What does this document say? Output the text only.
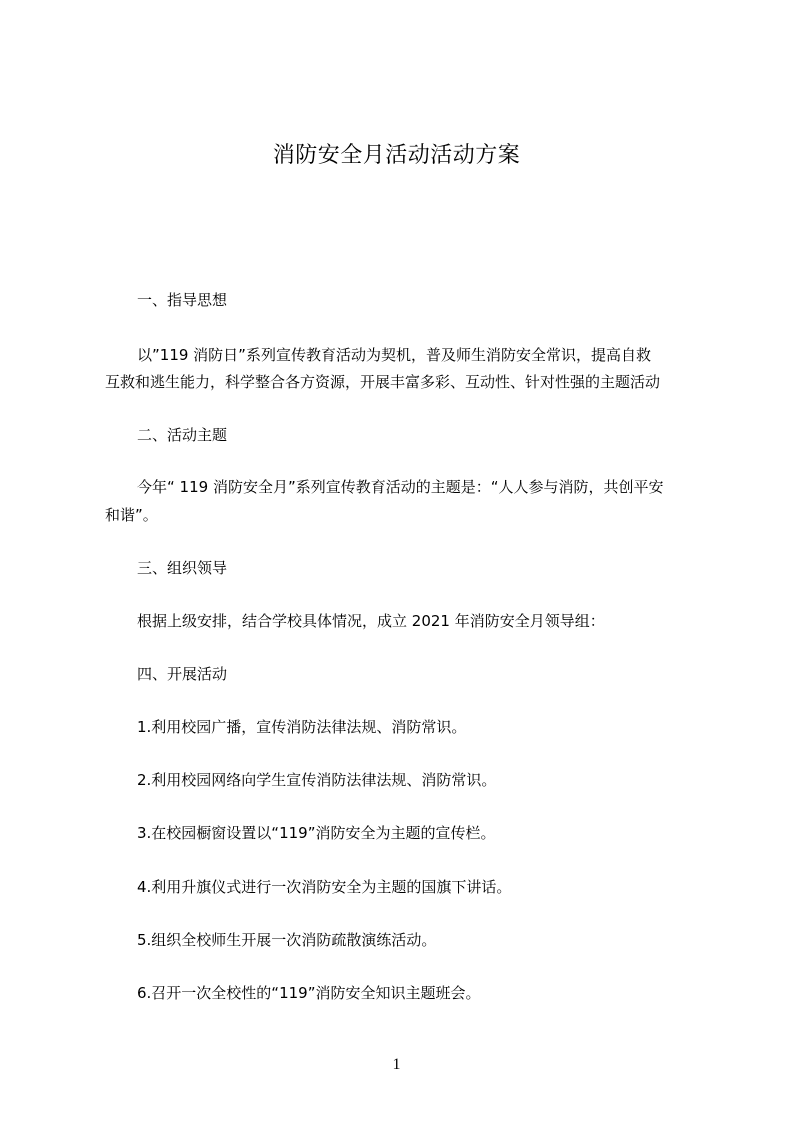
消防安全月活动活动方案
一、指导思想
以”119 消防日”系列宣传教育活动为契机，普及师生消防安全常识，提高自救
互救和逃生能力，科学整合各方资源，开展丰富多彩、互动性、针对性强的主题活动
二、活动主题
今年“ 119 消防安全月”系列宣传教育活动的主题是：“人人参与消防，共创平安
和谐”。
三、组织领导
根据上级安排，结合学校具体情况，成立 2021 年消防安全月领导组：
四、开展活动
1.利用校园广播，宣传消防法律法规、消防常识。
2.利用校园网络向学生宣传消防法律法规、消防常识。
3.在校园橱窗设置以“119”消防安全为主题的宣传栏。
4.利用升旗仪式进行一次消防安全为主题的国旗下讲话。
5.组织全校师生开展一次消防疏散演练活动。
6.召开一次全校性的“119”消防安全知识主题班会。
1
